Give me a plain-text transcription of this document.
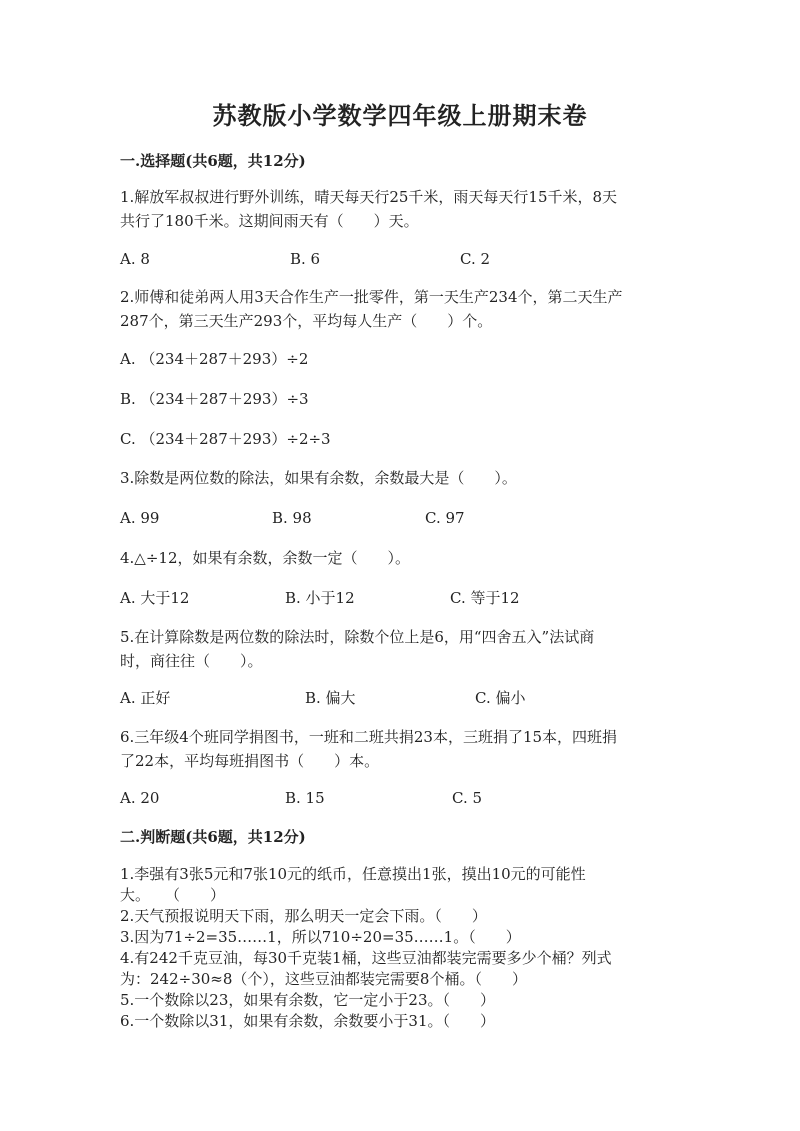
苏教版小学数学四年级上册期末卷
一.选择题(共6题，共12分)
1.解放军叔叔进行野外训练，晴天每天行25千米，雨天每天行15千米，8天
共行了180千米。这期间雨天有（　　）天。
A. 8	B. 6	C. 2
2.师傅和徒弟两人用3天合作生产一批零件，第一天生产234个，第二天生产
287个，第三天生产293个，平均每人生产（　　）个。
A. （234＋287＋293）÷2
B. （234＋287＋293）÷3
C. （234＋287＋293）÷2÷3
3.除数是两位数的除法，如果有余数，余数最大是（　　）。
A. 99	B. 98	C. 97
4.△÷12，如果有余数，余数一定（　　）。
A. 大于12	B. 小于12	C. 等于12
5.在计算除数是两位数的除法时，除数个位上是6，用“四舍五入”法试商
时，商往往（　　）。
A. 正好	B. 偏大	C. 偏小
6.三年级4个班同学捐图书，一班和二班共捐23本，三班捐了15本，四班捐
了22本，平均每班捐图书（　　）本。
A. 20	B. 15	C. 5
二.判断题(共6题，共12分)
1.李强有3张5元和7张10元的纸币，任意摸出1张，摸出10元的可能性
大。　　（　　）
2.天气预报说明天下雨，那么明天一定会下雨。（　　）
3.因为71÷2=35……1，所以710÷20=35……1。（　　）
4.有242千克豆油，每30千克装1桶，这些豆油都装完需要多少个桶？列式
为：242÷30≈8（个），这些豆油都装完需要8个桶。（　　）
5.一个数除以23，如果有余数，它一定小于23。（　　）
6.一个数除以31，如果有余数，余数要小于31。（　　）
